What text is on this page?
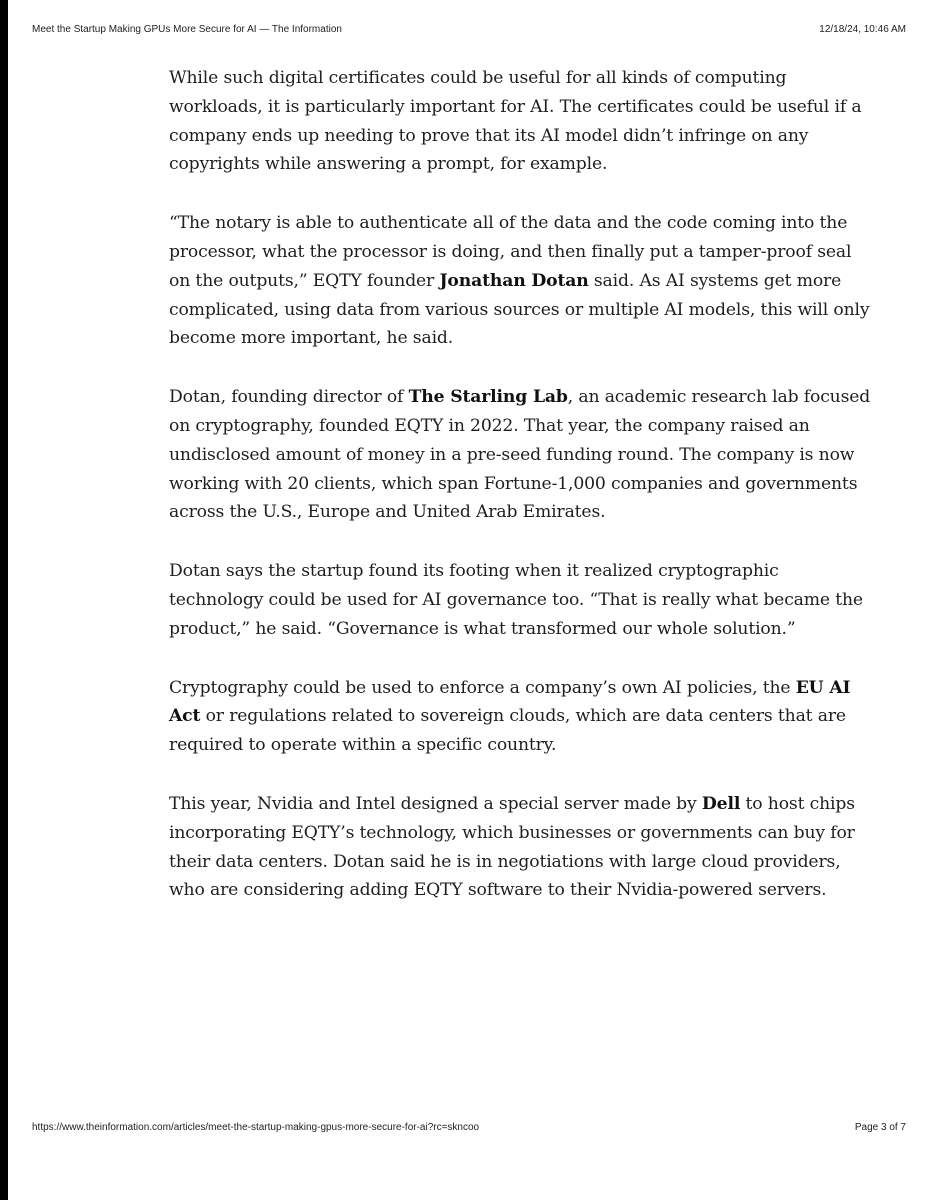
Meet the Startup Making GPUs More Secure for AI — The Information	12/18/24, 10:46 AM

While such digital certificates could be useful for all kinds of computing workloads, it is particularly important for AI. The certificates could be useful if a company ends up needing to prove that its AI model didn’t infringe on any copyrights while answering a prompt, for example.

“The notary is able to authenticate all of the data and the code coming into the processor, what the processor is doing, and then finally put a tamper-proof seal on the outputs,” EQTY founder Jonathan Dotan said. As AI systems get more complicated, using data from various sources or multiple AI models, this will only become more important, he said.

Dotan, founding director of The Starling Lab, an academic research lab focused on cryptography, founded EQTY in 2022. That year, the company raised an undisclosed amount of money in a pre-seed funding round. The company is now working with 20 clients, which span Fortune-1,000 companies and governments across the U.S., Europe and United Arab Emirates.

Dotan says the startup found its footing when it realized cryptographic technology could be used for AI governance too. “That is really what became the product,” he said. “Governance is what transformed our whole solution.”

Cryptography could be used to enforce a company’s own AI policies, the EU AI Act or regulations related to sovereign clouds, which are data centers that are required to operate within a specific country.

This year, Nvidia and Intel designed a special server made by Dell to host chips incorporating EQTY’s technology, which businesses or governments can buy for their data centers. Dotan said he is in negotiations with large cloud providers, who are considering adding EQTY software to their Nvidia-powered servers.

https://www.theinformation.com/articles/meet-the-startup-making-gpus-more-secure-for-ai?rc=skncoo	Page 3 of 7
